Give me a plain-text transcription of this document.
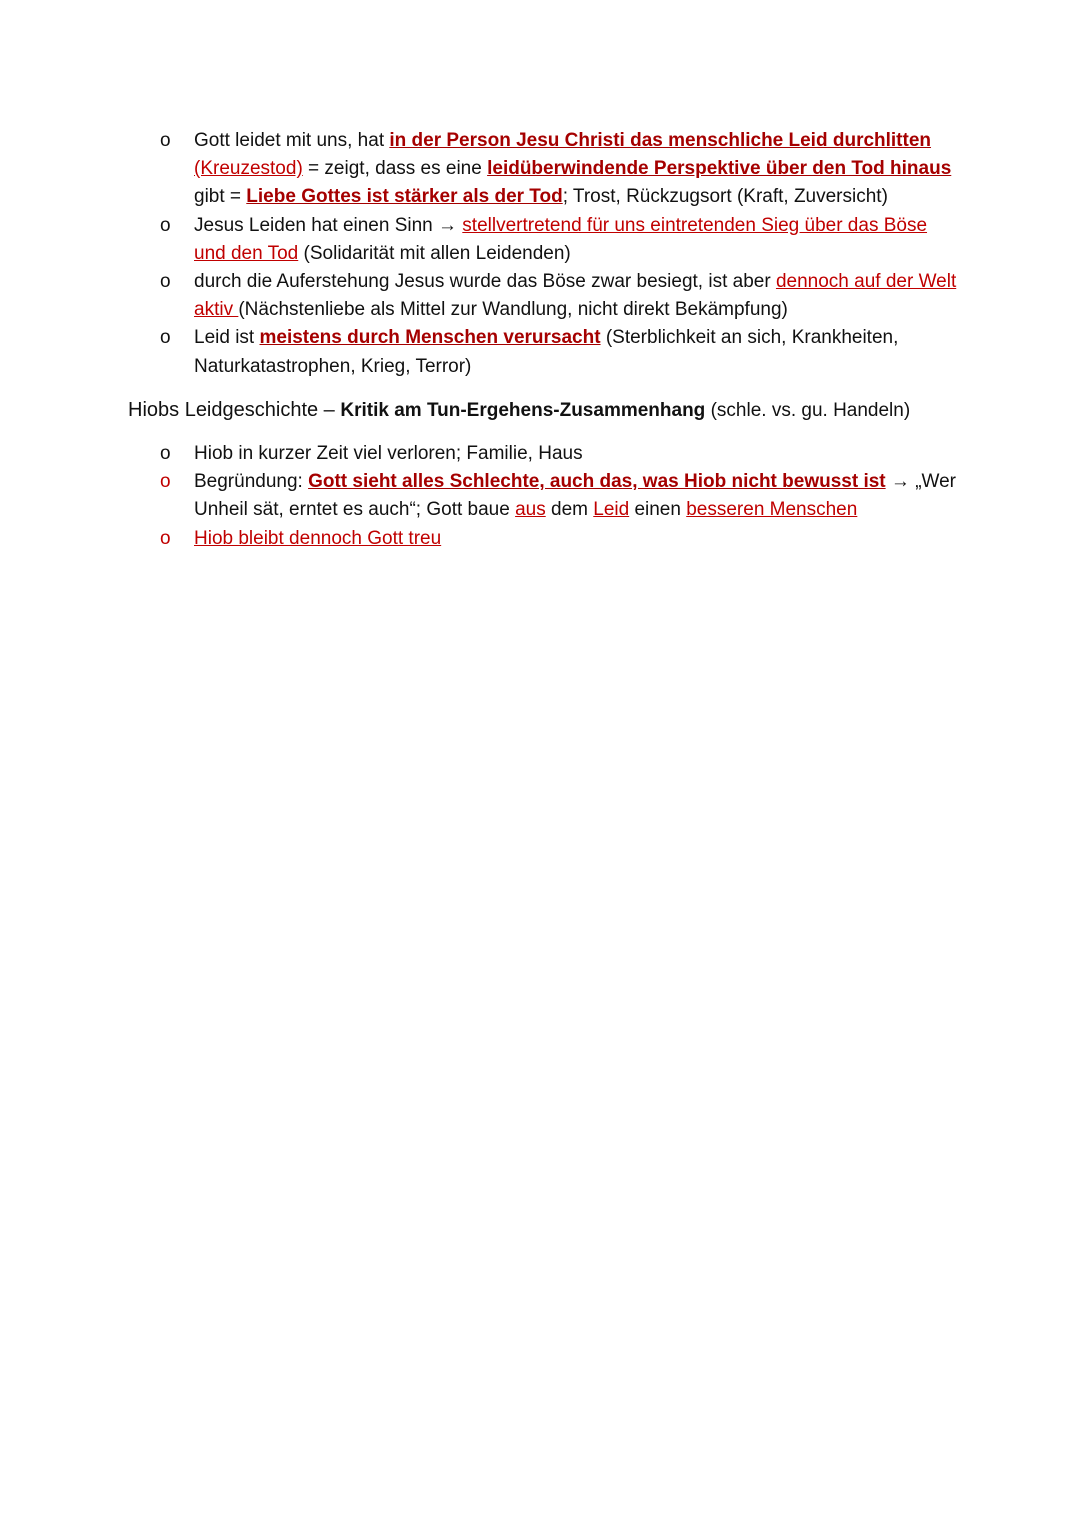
o Gott leidet mit uns, hat in der Person Jesu Christi das menschliche Leid durchlitten (Kreuzestod) = zeigt, dass es eine leidüberwindende Perspektive über den Tod hinaus gibt = Liebe Gottes ist stärker als der Tod; Trost, Rückzugsort (Kraft, Zuversicht)
o Jesus Leiden hat einen Sinn → stellvertretend für uns eintretenden Sieg über das Böse und den Tod (Solidarität mit allen Leidenden)
o durch die Auferstehung Jesus wurde das Böse zwar besiegt, ist aber dennoch auf der Welt aktiv (Nächstenliebe als Mittel zur Wandlung, nicht direkt Bekämpfung)
o Leid ist meistens durch Menschen verursacht (Sterblichkeit an sich, Krankheiten, Naturkatastrophen, Krieg, Terror)
Hiobs Leidgeschichte – Kritik am Tun-Ergehens-Zusammenhang (schle. vs. gu. Handeln)
o Hiob in kurzer Zeit viel verloren; Familie, Haus
o Begründung: Gott sieht alles Schlechte, auch das, was Hiob nicht bewusst ist → „Wer Unheil sät, erntet es auch“; Gott baue aus dem Leid einen besseren Menschen
o Hiob bleibt dennoch Gott treu
